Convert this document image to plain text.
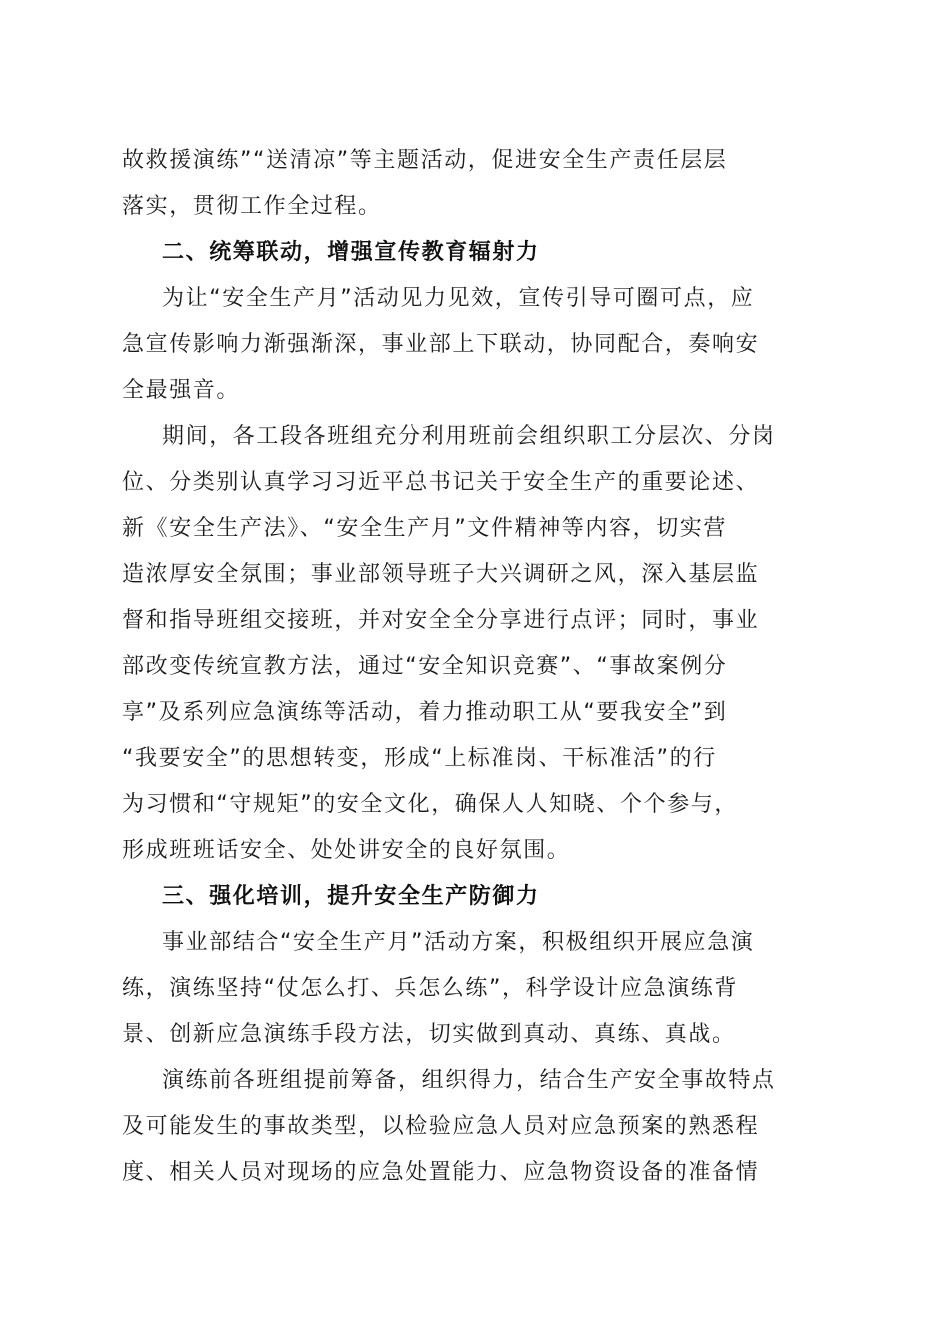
故救援演练”“送清凉”等主题活动，促进安全生产责任层层
落实，贯彻工作全过程。
二、统筹联动，增强宣传教育辐射力
为让“安全生产月”活动见力见效，宣传引导可圈可点，应
急宣传影响力渐强渐深，事业部上下联动，协同配合，奏响安
全最强音。
期间，各工段各班组充分利用班前会组织职工分层次、分岗
位、分类别认真学习习近平总书记关于安全生产的重要论述、
新《安全生产法》、“安全生产月”文件精神等内容，切实营
造浓厚安全氛围；事业部领导班子大兴调研之风，深入基层监
督和指导班组交接班，并对安全全分享进行点评；同时，事业
部改变传统宣教方法，通过“安全知识竞赛”、“事故案例分
享”及系列应急演练等活动，着力推动职工从“要我安全”到
“我要安全”的思想转变，形成“上标准岗、干标准活”的行
为习惯和“守规矩”的安全文化，确保人人知晓、个个参与，
形成班班话安全、处处讲安全的良好氛围。
三、强化培训，提升安全生产防御力
事业部结合“安全生产月”活动方案，积极组织开展应急演
练，演练坚持“仗怎么打、兵怎么练”，科学设计应急演练背
景、创新应急演练手段方法，切实做到真动、真练、真战。
演练前各班组提前筹备，组织得力，结合生产安全事故特点
及可能发生的事故类型，以检验应急人员对应急预案的熟悉程
度、相关人员对现场的应急处置能力、应急物资设备的准备情
